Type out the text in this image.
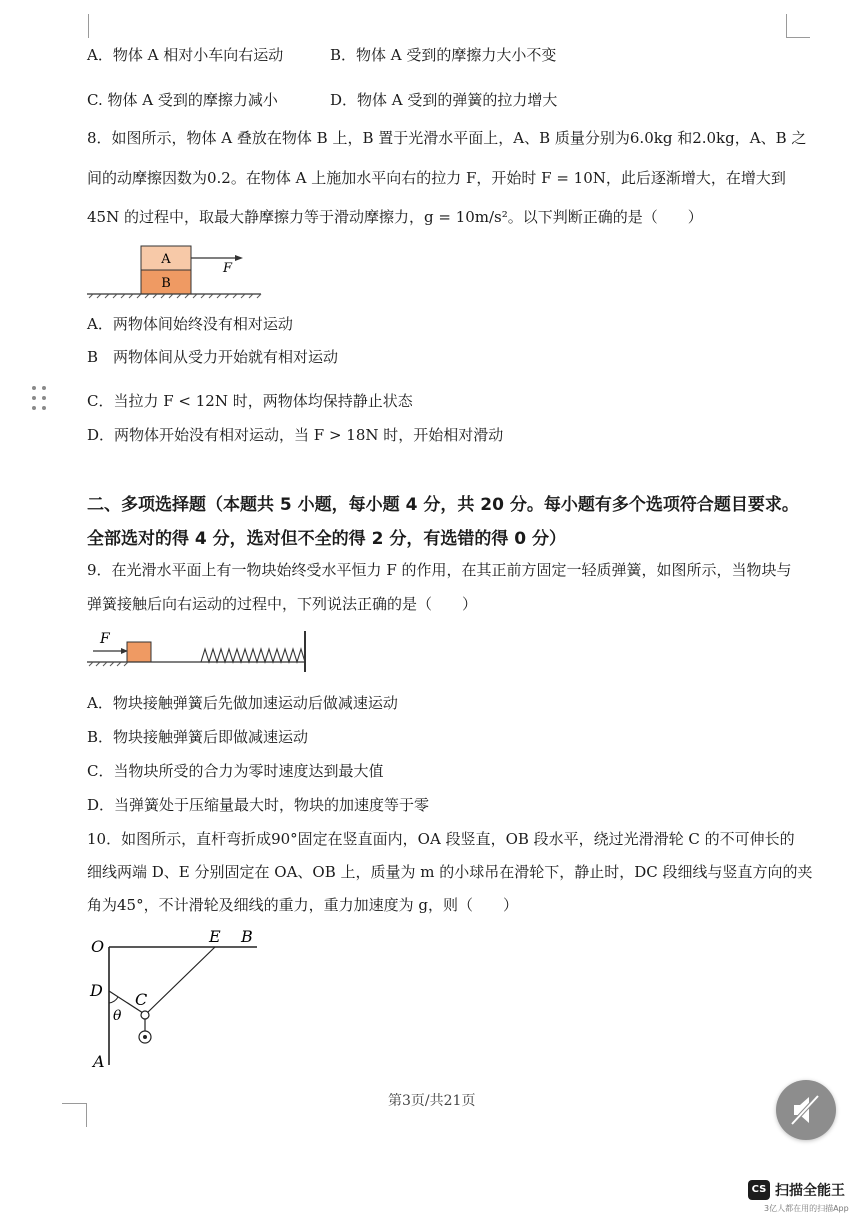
A．物体 A 相对小车向右运动	B．物体 A 受到的摩擦力大小不变
C. 物体 A 受到的摩擦力减小	D．物体 A 受到的弹簧的拉力增大
8．如图所示，物体 A 叠放在物体 B 上，B 置于光滑水平面上，A、B 质量分别为6.0kg 和2.0kg，A、B 之
间的动摩擦因数为0.2。在物体 A 上施加水平向右的拉力 F，开始时 F = 10N，此后逐渐增大，在增大到
45N 的过程中，取最大静摩擦力等于滑动摩擦力，g = 10m/s²。以下判断正确的是（　　）
A
B
F
A．两物体间始终没有相对运动
B　两物体间从受力开始就有相对运动
C．当拉力 F < 12N 时，两物体均保持静止状态
D．两物体开始没有相对运动，当 F > 18N 时，开始相对滑动
二、多项选择题（本题共 5 小题，每小题 4 分，共 20 分。每小题有多个选项符合题目要求。
全部选对的得 4 分，选对但不全的得 2 分，有选错的得 0 分）
9．在光滑水平面上有一物块始终受水平恒力 F 的作用，在其正前方固定一轻质弹簧，如图所示，当物块与
弹簧接触后向右运动的过程中，下列说法正确的是（　　）
F
A．物块接触弹簧后先做加速运动后做减速运动
B．物块接触弹簧后即做减速运动
C．当物块所受的合力为零时速度达到最大值
D．当弹簧处于压缩量最大时，物块的加速度等于零
10．如图所示，直杆弯折成90°固定在竖直面内，OA 段竖直，OB 段水平，绕过光滑滑轮 C 的不可伸长的
细线两端 D、E 分别固定在 OA、OB 上，质量为 m 的小球吊在滑轮下，静止时，DC 段细线与竖直方向的夹
角为45°，不计滑轮及细线的重力，重力加速度为 g，则（　　）
O
E B
D C
θ
A
第3页/共21页
CS 扫描全能王
3亿人都在用的扫描App
